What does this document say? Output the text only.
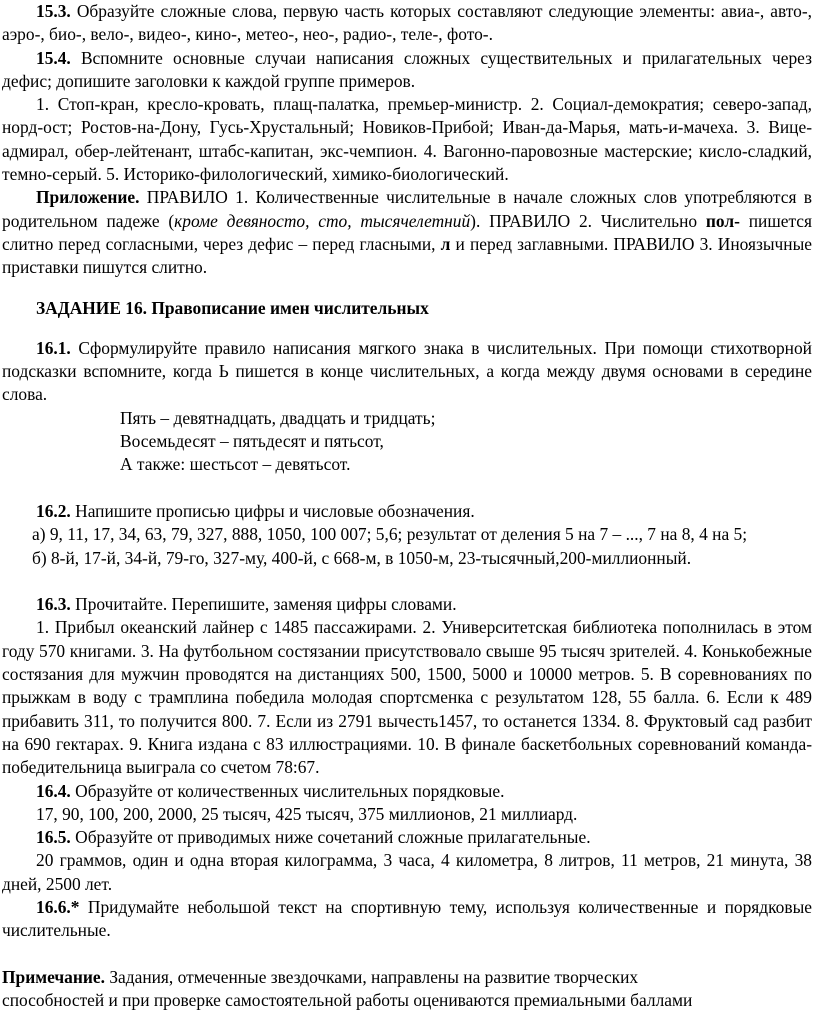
15.3. Образуйте сложные слова, первую часть которых составляют следующие элементы: авиа-, авто-, аэро-, био-, вело-, видео-, кино-, метео-, нео-, радио-, теле-, фото-.

15.4. Вспомните основные случаи написания сложных существительных и прилагательных через дефис; допишите заголовки к каждой группе примеров.

1. Стоп-кран, кресло-кровать, плащ-палатка, премьер-министр. 2. Социал-демократия; северо-запад, норд-ост; Ростов-на-Дону, Гусь-Хрустальный; Новиков-Прибой; Иван-да-Марья, мать-и-мачеха. 3. Вице-адмирал, обер-лейтенант, штабс-капитан, экс-чемпион. 4. Вагонно-паровозные мастерские; кисло-сладкий, темно-серый. 5. Историко-филологический, химико-биологический.

Приложение. ПРАВИЛО 1. Количественные числительные в начале сложных слов употребляются в родительном падеже (кроме девяносто, сто, тысячелетний). ПРАВИЛО 2. Числительно пол- пишется слитно перед согласными, через дефис – перед гласными, л и перед заглавными. ПРАВИЛО 3. Иноязычные приставки пишутся слитно.

ЗАДАНИЕ 16. Правописание имен числительных

16.1. Сформулируйте правило написания мягкого знака в числительных. При помощи стихотворной подсказки вспомните, когда Ь пишется в конце числительных, а когда между двумя основами в середине слова.

Пять – девятнадцать, двадцать и тридцать;

Восемьдесят – пятьдесят и пятьсот,

А также: шестьсот – девятьсот.

16.2. Напишите прописью цифры и числовые обозначения.

а) 9, 11, 17, 34, 63, 79, 327, 888, 1050, 100 007; 5,6; результат от деления 5 на 7 – ..., 7 на 8, 4 на 5;

б) 8-й, 17-й, 34-й, 79-го, 327-му, 400-й, с 668-м, в 1050-м, 23-тысячный,200-миллионный.

16.3. Прочитайте. Перепишите, заменяя цифры словами.

1. Прибыл океанский лайнер с 1485 пассажирами. 2. Университетская библиотека пополнилась в этом году 570 книгами. 3. На футбольном состязании присутствовало свыше 95 тысяч зрителей. 4. Конькобежные состязания для мужчин проводятся на дистанциях 500, 1500, 5000 и 10000 метров. 5. В соревнованиях по прыжкам в воду с трамплина победила молодая спортсменка с результатом 128, 55 балла. 6. Если к 489 прибавить 311, то получится 800. 7. Если из 2791 вычесть1457, то останется 1334. 8. Фруктовый сад разбит на 690 гектарах. 9. Книга издана с 83 иллюстрациями. 10. В финале баскетбольных соревнований команда-победительница выиграла со счетом 78:67.

16.4. Образуйте от количественных числительных порядковые.

17, 90, 100, 200, 2000, 25 тысяч, 425 тысяч, 375 миллионов, 21 миллиард.

16.5. Образуйте от приводимых ниже сочетаний сложные прилагательные.

20 граммов, один и одна вторая килограмма, 3 часа, 4 километра, 8 литров, 11 метров, 21 минута, 38 дней, 2500 лет.

16.6.* Придумайте небольшой текст на спортивную тему, используя количественные и порядковые числительные.

Примечание. Задания, отмеченные звездочками, направлены на развитие творческих

способностей и при проверке самостоятельной работы оцениваются премиальными баллами
